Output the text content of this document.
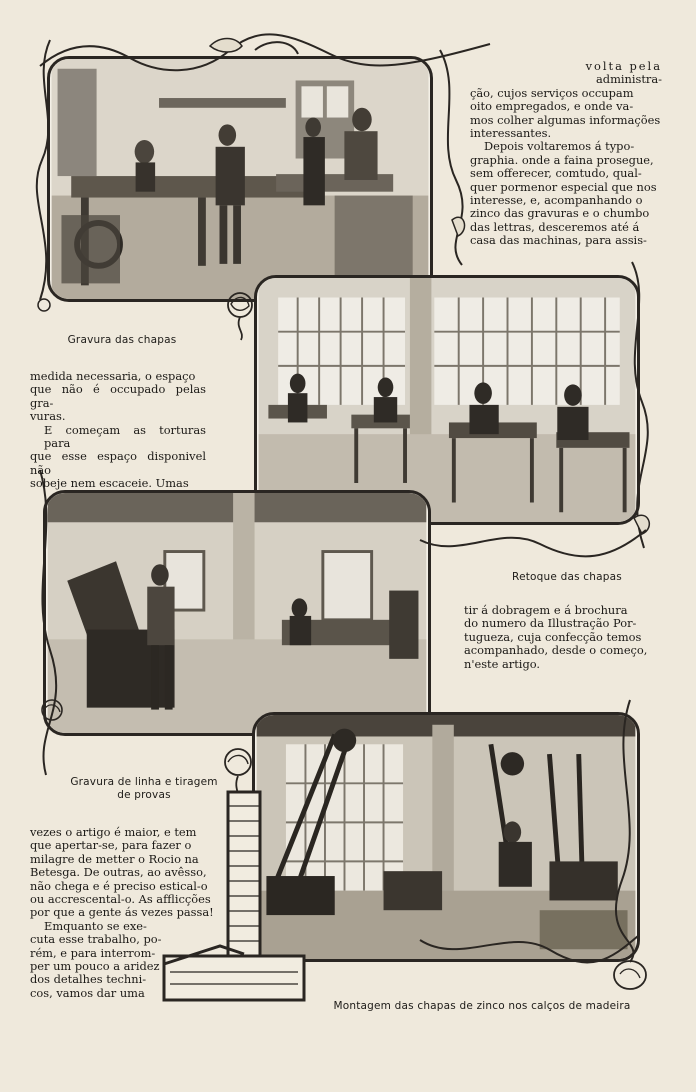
Gravura das chapas
Retoque das chapas
Gravura de linha e tiragem
de provas
Montagem das chapas de zinco nos calços de madeira
volta pela
administra-
ção, cujos serviços occupam
oito empregados, e onde va-
mos colher algumas informações
interessantes.
Depois voltaremos á typo-
graphia. onde a faina prosegue,
sem offerecer, comtudo, qual-
quer pormenor especial que nos
interesse, e, acompanhando o
zinco das gravuras e o chumbo
das lettras, desceremos até á
casa das machinas, para assis-
medida necessaria, o espaço
que não é occupado pelas gra-
vuras.
E começam as torturas para
que esse espaço disponivel não
sobeje nem escaceie. Umas
tir á dobragem e á brochura
do numero da Illustração Por-
tugueza, cuja confecção temos
acompanhado, desde o começo,
n'este artigo.
vezes o artigo é maior, e tem
que apertar-se, para fazer o
milagre de metter o Rocio na
Betesga. De outras, ao avêsso,
não chega e é preciso estical-o
ou accrescental-o. As afflicções
por que a gente ás vezes passa!
Emquanto se exe-
cuta esse trabalho, po-
rém, e para interrom-
per um pouco a aridez
dos detalhes techni-
cos, vamos dar uma
